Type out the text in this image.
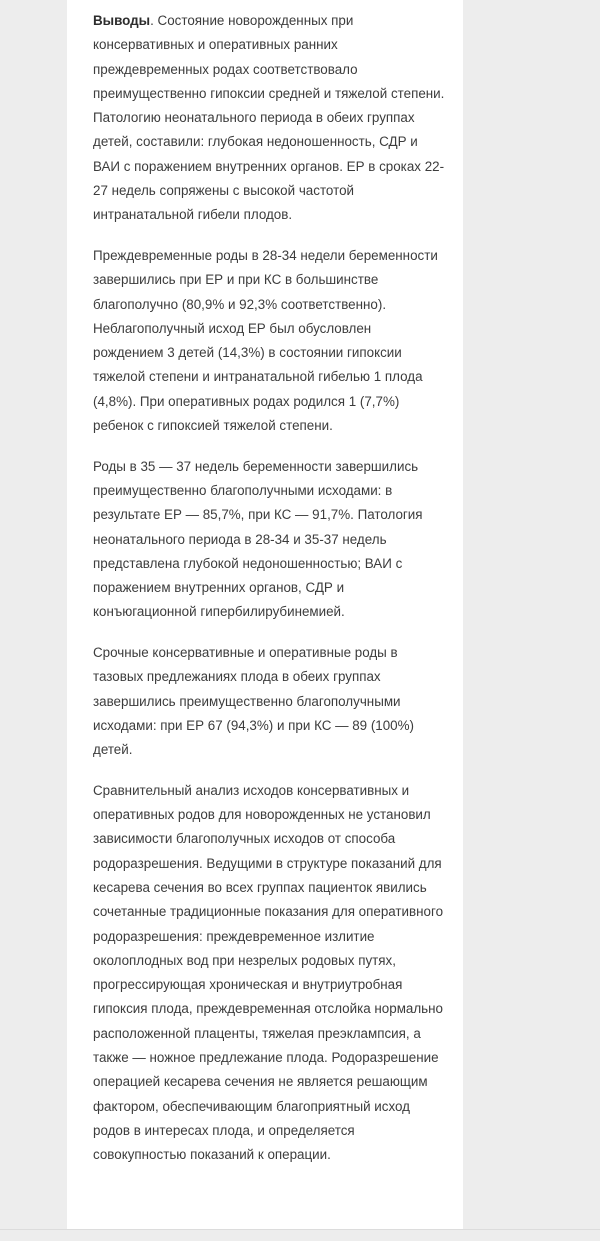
Выводы. Состояние новорожденных при консервативных и оперативных ранних преждевременных родах соответствовало преимущественно гипоксии средней и тяжелой степени. Патологию неонатального периода в обеих группах детей, составили: глубокая недоношенность, СДР и ВАИ с поражением внутренних органов. ЕР в сроках 22-27 недель сопряжены с высокой частотой интранатальной гибели плодов.

Преждевременные роды в 28-34 недели беременности завершились при ЕР и при КС в большинстве благополучно (80,9% и 92,3% соответственно). Неблагополучный исход ЕР был обусловлен рождением 3 детей (14,3%) в состоянии гипоксии тяжелой степени и интранатальной гибелью 1 плода (4,8%). При оперативных родах родился 1 (7,7%) ребенок с гипоксией тяжелой степени.

Роды в 35 — 37 недель беременности завершились преимущественно благополучными исходами: в результате ЕР — 85,7%, при КС — 91,7%. Патология неонатального периода в 28-34 и 35-37 недель представлена глубокой недоношенностью; ВАИ с поражением внутренних органов, СДР и конъюгационной гипербилирубинемией.

Срочные консервативные и оперативные роды в тазовых предлежаниях плода в обеих группах завершились преимущественно благополучными исходами: при ЕР 67 (94,3%) и при КС — 89 (100%) детей.

Сравнительный анализ исходов консервативных и оперативных родов для новорожденных не установил зависимости благополучных исходов от способа родоразрешения. Ведущими в структуре показаний для кесарева сечения во всех группах пациенток явились сочетанные традиционные показания для оперативного родоразрешения: преждевременное излитие околоплодных вод при незрелых родовых путях, прогрессирующая хроническая и внутриутробная гипоксия плода, преждевременная отслойка нормально расположенной плаценты, тяжелая преэклампсия, а также — ножное предлежание плода. Родоразрешение операцией кесарева сечения не является решающим фактором, обеспечивающим благоприятный исход родов в интересах плода, и определяется совокупностью показаний к операции.
